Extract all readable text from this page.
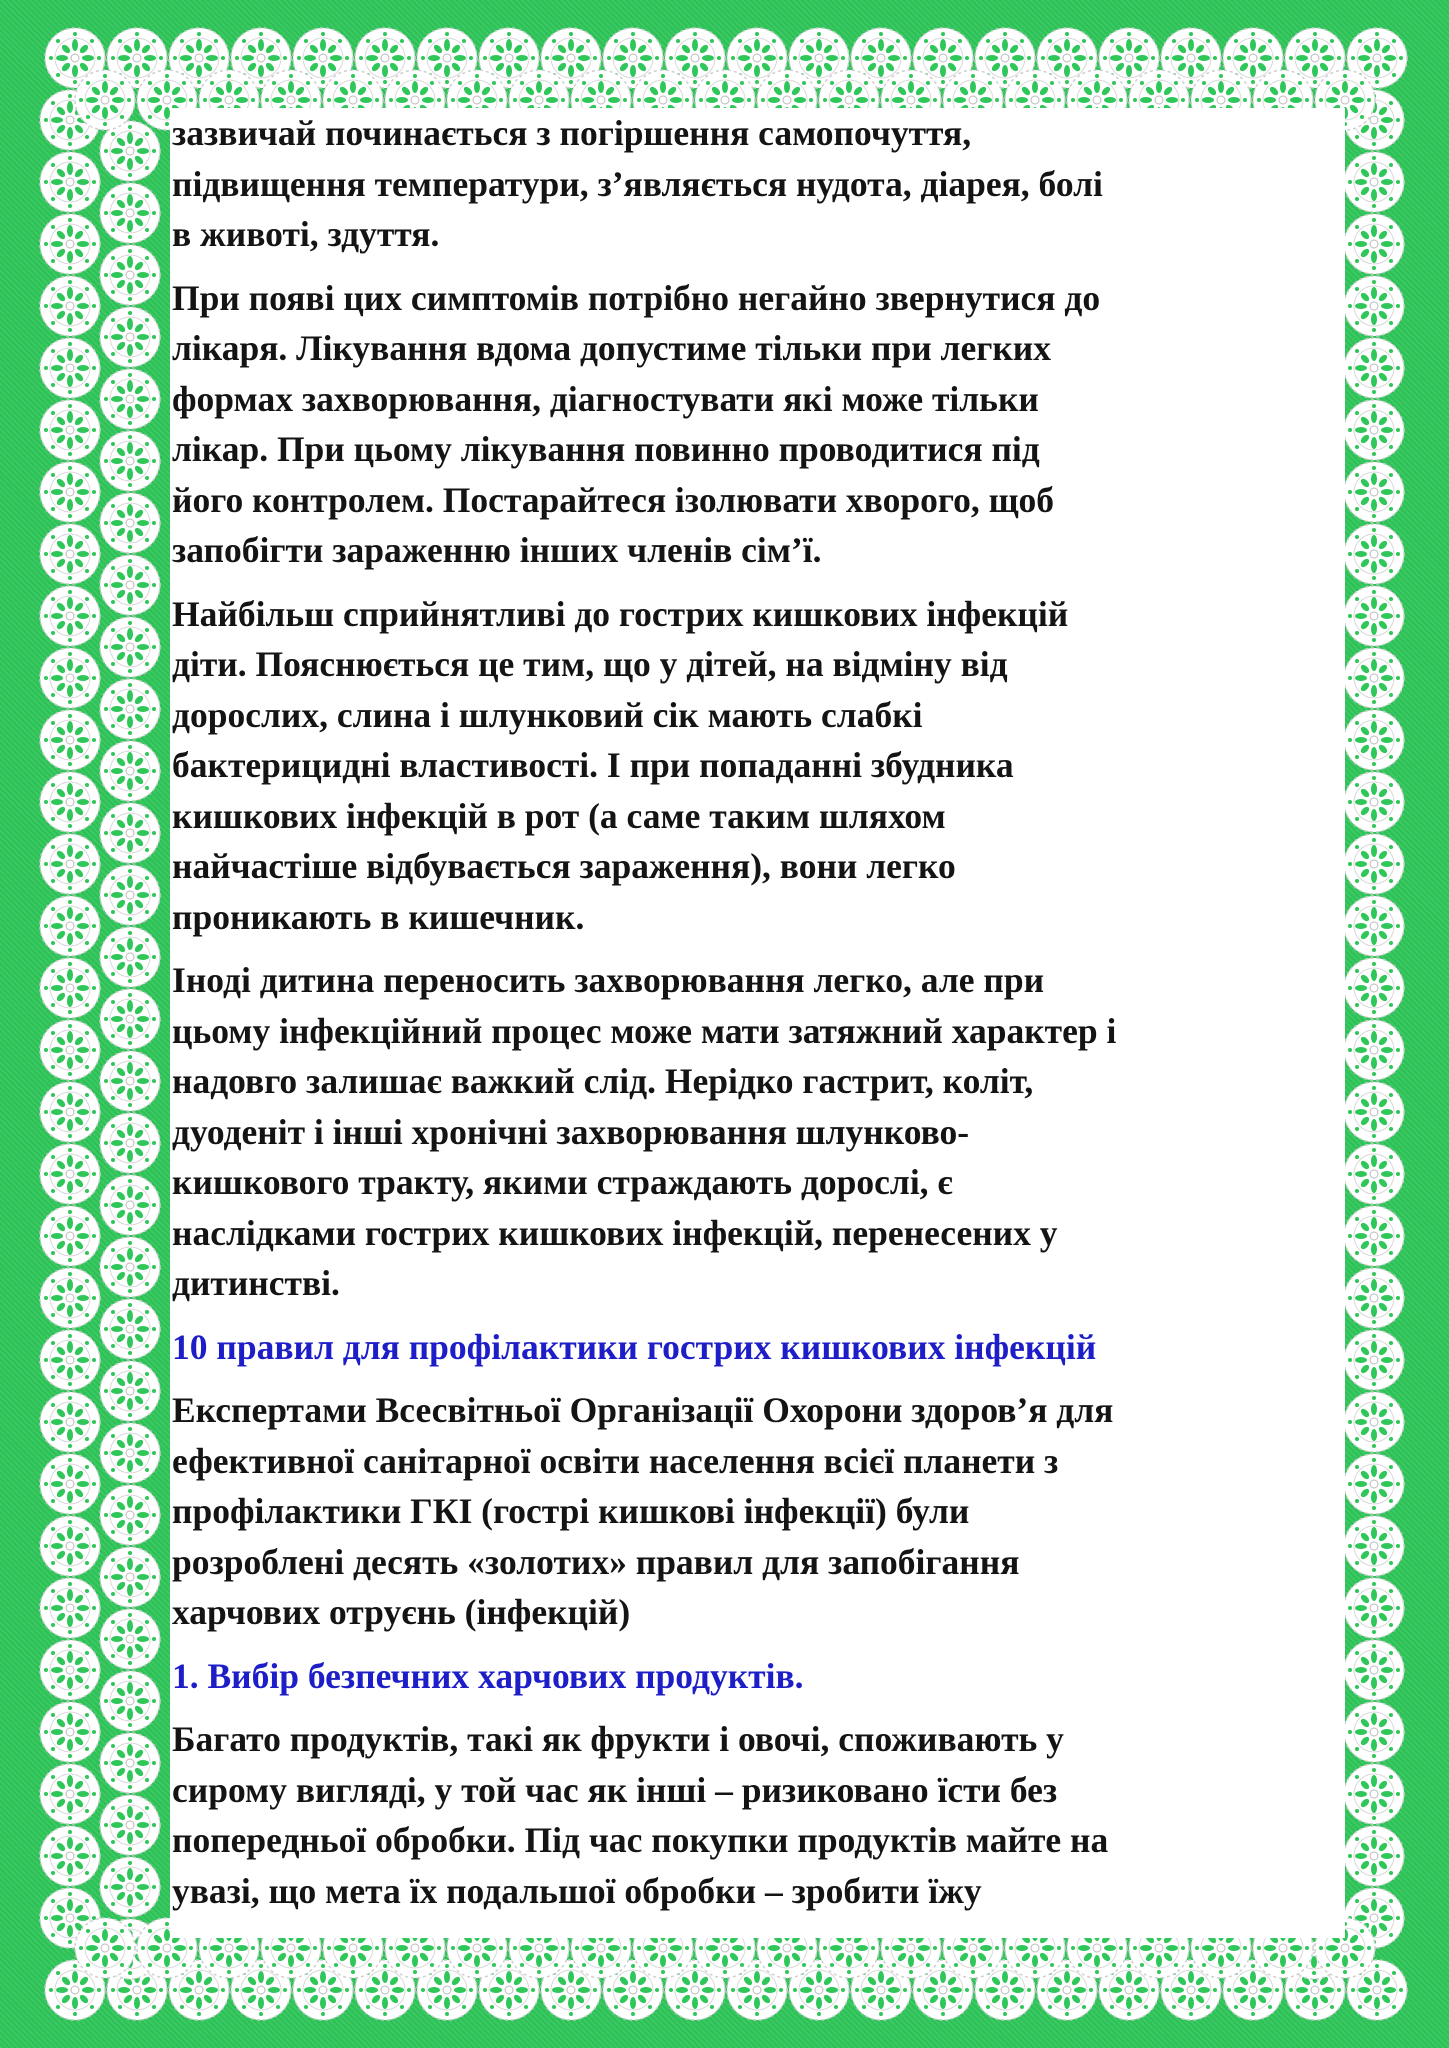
зазвичай починається з погіршення самопочуття,
підвищення температури, з’являється нудота, діарея, болі
в животі, здуття.

При появі цих симптомів потрібно негайно звернутися до
лікаря. Лікування вдома допустиме тільки при легких
формах захворювання, діагностувати які може тільки
лікар. При цьому лікування повинно проводитися під
його контролем. Постарайтеся ізолювати хворого, щоб
запобігти зараженню інших членів сім’ї.

Найбільш сприйнятливі до гострих кишкових інфекцій
діти. Пояснюється це тим, що у дітей, на відміну від
дорослих, слина і шлунковий сік мають слабкі
бактерицидні властивості. І при попаданні збудника
кишкових інфекцій в рот (а саме таким шляхом
найчастіше відбувається зараження), вони легко
проникають в кишечник.

Іноді дитина переносить захворювання легко, але при
цьому інфекційний процес може мати затяжний характер і
надовго залишає важкий слід. Нерідко гастрит, коліт,
дуоденіт і інші хронічні захворювання шлунково-
кишкового тракту, якими страждають дорослі, є
наслідками гострих кишкових інфекцій, перенесених у
дитинстві.

10 правил для профілактики гострих кишкових інфекцій

Експертами Всесвітньої Організації Охорони здоров’я для
ефективної санітарної освіти населення всієї планети з
профілактики ГКІ (гострі кишкові інфекції) були
розроблені десять «золотих» правил для запобігання
харчових отруєнь (інфекцій)

1. Вибір безпечних харчових продуктів.

Багато продуктів, такі як фрукти і овочі, споживають у
сирому вигляді, у той час як інші – ризиковано їсти без
попередньої обробки. Під час покупки продуктів майте на
увазі, що мета їх подальшої обробки – зробити їжу
